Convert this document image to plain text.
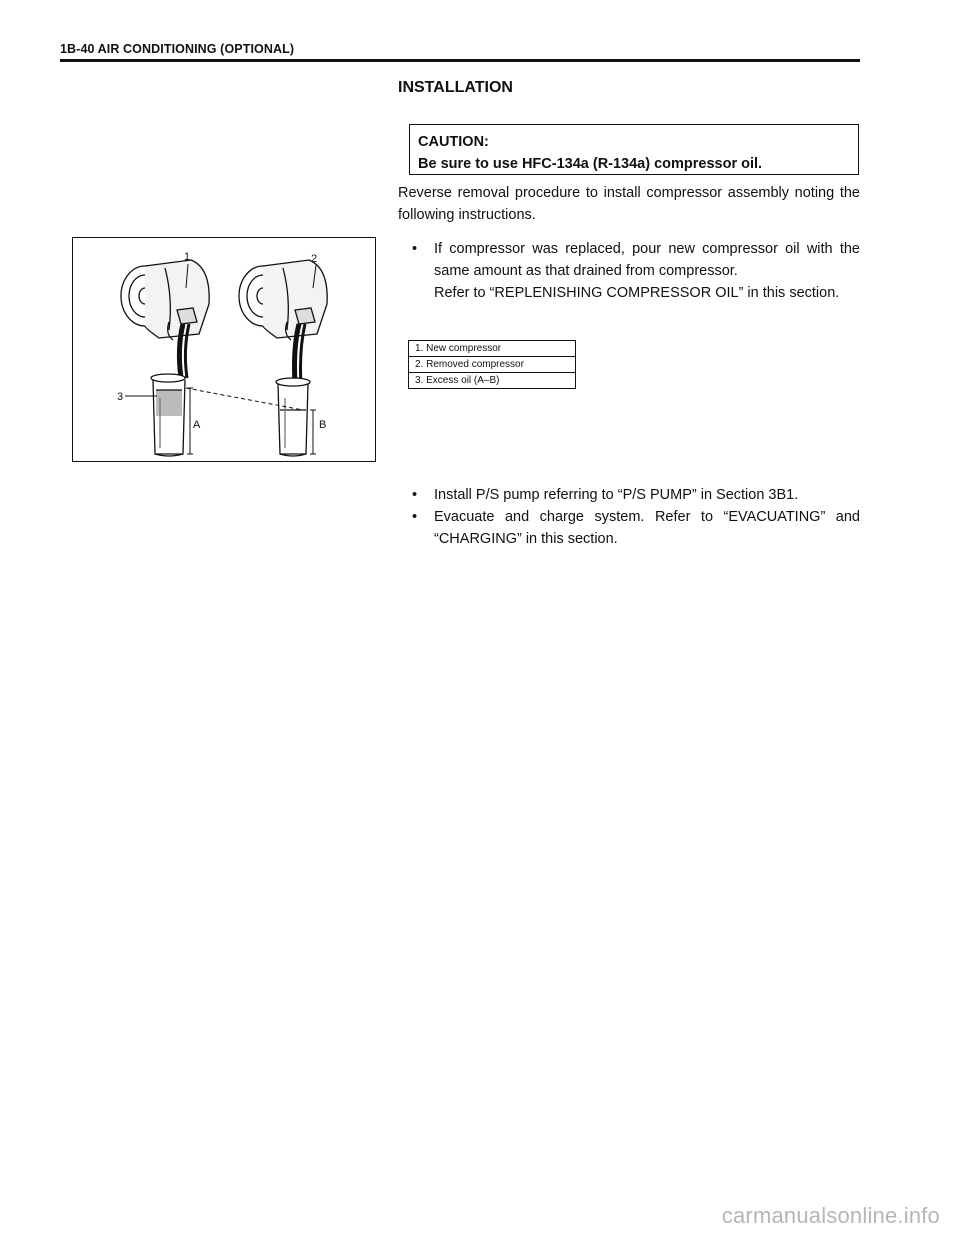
1B-40 AIR CONDITIONING (OPTIONAL)
INSTALLATION
CAUTION:
Be sure to use HFC-134a (R-134a) compressor oil.
Reverse removal procedure to install compressor assembly noting the following instructions.
• If compressor was replaced, pour new compressor oil with the same amount as that drained from compressor.
Refer to “REPLENISHING COMPRESSOR OIL” in this section.
1	2
3
A	B
1. New compressor
2. Removed compressor
3. Excess oil (A–B)
• Install P/S pump referring to “P/S PUMP” in Section 3B1.
• Evacuate and charge system. Refer to “EVACUATING” and “CHARGING” in this section.
carmanualsonline.info
